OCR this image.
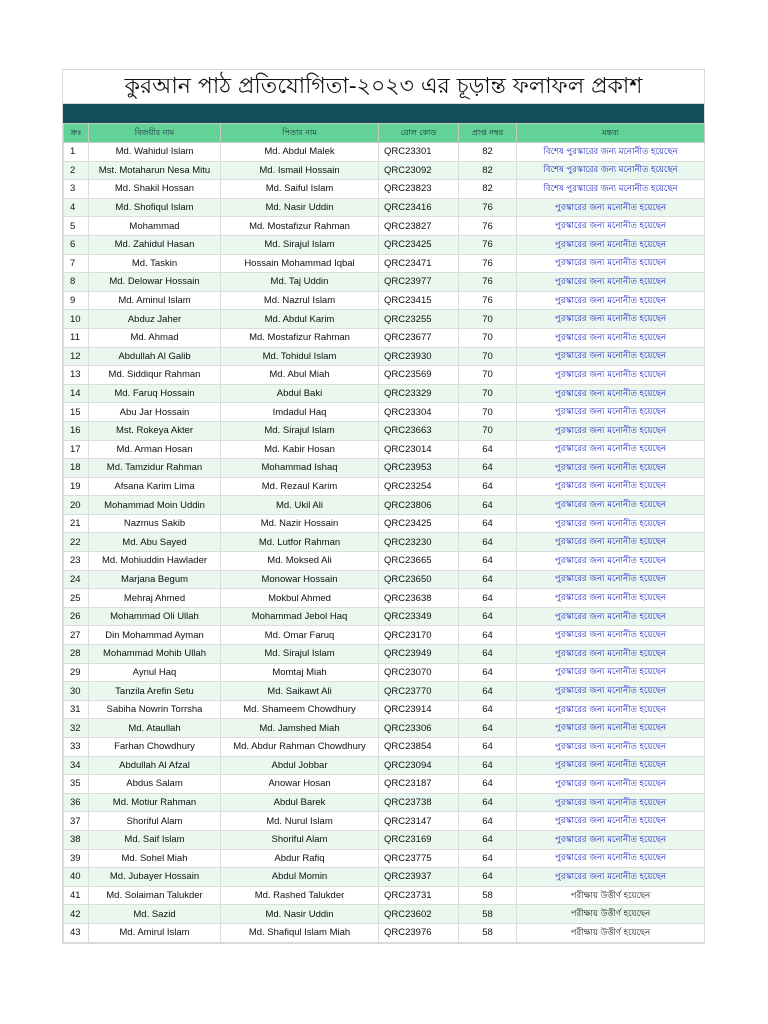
কুরআন পাঠ প্রতিযোগিতা-২০২৩ এর চূড়ান্ত ফলাফল প্রকাশ
ক্রঃ	বিজয়ীর নাম	পিতার নাম	রোল কোড	প্রাপ্ত নম্বর	মন্তব্য
1	Md. Wahidul Islam	Md. Abdul Malek	QRC23301	82	বিশেষ পুরস্কারের জন্য মনোনীত হয়েছেন
2	Mst. Motaharun Nesa Mitu	Md. Ismail Hossain	QRC23092	82	বিশেষ পুরস্কারের জন্য মনোনীত হয়েছেন
3	Md. Shakil Hossan	Md. Saiful Islam	QRC23823	82	বিশেষ পুরস্কারের জন্য মনোনীত হয়েছেন
4	Md. Shofiqul Islam	Md. Nasir Uddin	QRC23416	76	পুরস্কারের জন্য মনোনীত হয়েছেন
5	Mohammad	Md. Mostafizur Rahman	QRC23827	76	পুরস্কারের জন্য মনোনীত হয়েছেন
6	Md. Zahidul Hasan	Md. Sirajul Islam	QRC23425	76	পুরস্কারের জন্য মনোনীত হয়েছেন
7	Md. Taskin	Hossain Mohammad Iqbal	QRC23471	76	পুরস্কারের জন্য মনোনীত হয়েছেন
8	Md. Delowar Hossain	Md. Taj Uddin	QRC23977	76	পুরস্কারের জন্য মনোনীত হয়েছেন
9	Md. Aminul Islam	Md. Nazrul Islam	QRC23415	76	পুরস্কারের জন্য মনোনীত হয়েছেন
10	Abduz Jaher	Md. Abdul Karim	QRC23255	70	পুরস্কারের জন্য মনোনীত হয়েছেন
11	Md. Ahmad	Md. Mostafizur Rahman	QRC23677	70	পুরস্কারের জন্য মনোনীত হয়েছেন
12	Abdullah Al Galib	Md. Tohidul Islam	QRC23930	70	পুরস্কারের জন্য মনোনীত হয়েছেন
13	Md. Siddiqur Rahman	Md. Abul Miah	QRC23569	70	পুরস্কারের জন্য মনোনীত হয়েছেন
14	Md. Faruq Hossain	Abdul Baki	QRC23329	70	পুরস্কারের জন্য মনোনীত হয়েছেন
15	Abu Jar Hossain	Imdadul Haq	QRC23304	70	পুরস্কারের জন্য মনোনীত হয়েছেন
16	Mst. Rokeya Akter	Md. Sirajul Islam	QRC23663	70	পুরস্কারের জন্য মনোনীত হয়েছেন
17	Md. Arman Hosan	Md. Kabir Hosan	QRC23014	64	পুরস্কারের জন্য মনোনীত হয়েছেন
18	Md. Tamzidur Rahman	Mohammad Ishaq	QRC23953	64	পুরস্কারের জন্য মনোনীত হয়েছেন
19	Afsana Karim Lima	Md. Rezaul Karim	QRC23254	64	পুরস্কারের জন্য মনোনীত হয়েছেন
20	Mohammad Moin Uddin	Md. Ukil Ali	QRC23806	64	পুরস্কারের জন্য মনোনীত হয়েছেন
21	Nazmus Sakib	Md. Nazir Hossain	QRC23425	64	পুরস্কারের জন্য মনোনীত হয়েছেন
22	Md. Abu Sayed	Md. Lutfor Rahman	QRC23230	64	পুরস্কারের জন্য মনোনীত হয়েছেন
23	Md. Mohiuddin Hawlader	Md. Moksed Ali	QRC23665	64	পুরস্কারের জন্য মনোনীত হয়েছেন
24	Marjana Begum	Monowar Hossain	QRC23650	64	পুরস্কারের জন্য মনোনীত হয়েছেন
25	Mehraj Ahmed	Mokbul Ahmed	QRC23638	64	পুরস্কারের জন্য মনোনীত হয়েছেন
26	Mohammad Oli Ullah	Mohammad Jebol Haq	QRC23349	64	পুরস্কারের জন্য মনোনীত হয়েছেন
27	Din Mohammad Ayman	Md. Omar Faruq	QRC23170	64	পুরস্কারের জন্য মনোনীত হয়েছেন
28	Mohammad Mohib Ullah	Md. Sirajul Islam	QRC23949	64	পুরস্কারের জন্য মনোনীত হয়েছেন
29	Aynul Haq	Momtaj Miah	QRC23070	64	পুরস্কারের জন্য মনোনীত হয়েছেন
30	Tanzila Arefin Setu	Md. Saikawt Ali	QRC23770	64	পুরস্কারের জন্য মনোনীত হয়েছেন
31	Sabiha Nowrin Torrsha	Md. Shameem Chowdhury	QRC23914	64	পুরস্কারের জন্য মনোনীত হয়েছেন
32	Md. Ataullah	Md. Jamshed Miah	QRC23306	64	পুরস্কারের জন্য মনোনীত হয়েছেন
33	Farhan Chowdhury	Md. Abdur Rahman Chowdhury	QRC23854	64	পুরস্কারের জন্য মনোনীত হয়েছেন
34	Abdullah Al Afzal	Abdul Jobbar	QRC23094	64	পুরস্কারের জন্য মনোনীত হয়েছেন
35	Abdus Salam	Anowar Hosan	QRC23187	64	পুরস্কারের জন্য মনোনীত হয়েছেন
36	Md. Motiur Rahman	Abdul Barek	QRC23738	64	পুরস্কারের জন্য মনোনীত হয়েছেন
37	Shoriful Alam	Md. Nurul Islam	QRC23147	64	পুরস্কারের জন্য মনোনীত হয়েছেন
38	Md. Saif Islam	Shoriful Alam	QRC23169	64	পুরস্কারের জন্য মনোনীত হয়েছেন
39	Md. Sohel Miah	Abdur Rafiq	QRC23775	64	পুরস্কারের জন্য মনোনীত হয়েছেন
40	Md. Jubayer Hossain	Abdul Momin	QRC23937	64	পুরস্কারের জন্য মনোনীত হয়েছেন
41	Md. Solaiman Talukder	Md. Rashed Talukder	QRC23731	58	পরীক্ষায় উত্তীর্ণ হয়েছেন
42	Md. Sazid	Md. Nasir Uddin	QRC23602	58	পরীক্ষায় উত্তীর্ণ হয়েছেন
43	Md. Amirul Islam	Md. Shafiqul Islam Miah	QRC23976	58	পরীক্ষায় উত্তীর্ণ হয়েছেন
